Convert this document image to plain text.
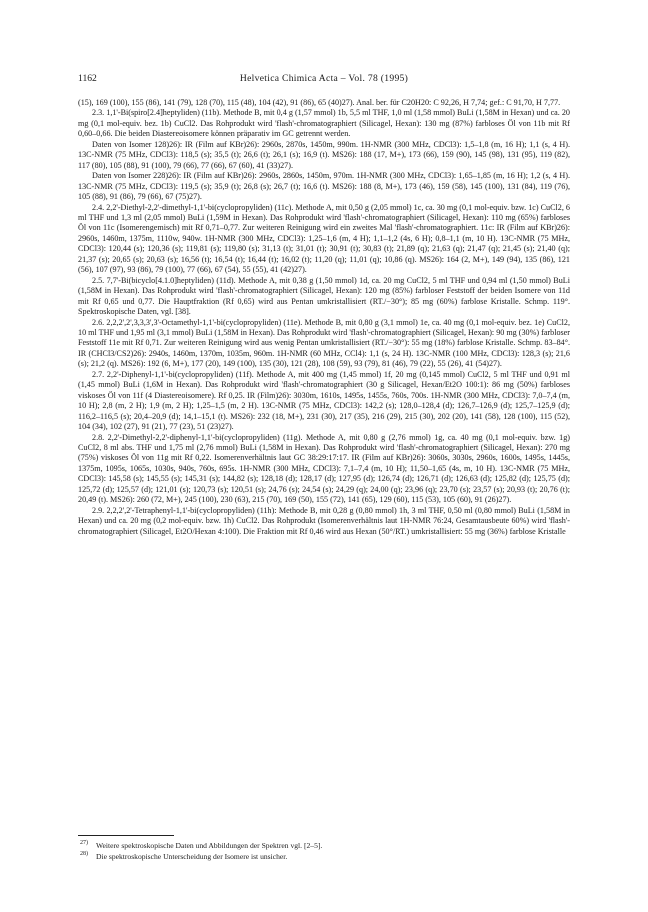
1162	Helvetica Chimica Acta – Vol. 78 (1995)

(15), 169 (100), 155 (86), 141 (79), 128 (70), 115 (48), 104 (42), 91 (86), 65 (40)27). Anal. ber. für C20H20: C 92,26, H 7,74; gef.: C 91,70, H 7,77.

2.3. 1,1'-Bi(spiro[2.4]heptyliden) (11b). Methode B, mit 0,4 g (1,57 mmol) 1b, 5,5 ml THF, 1,0 ml (1,58 mmol) BuLi (1,58M in Hexan) und ca. 20 mg (0,1 mol-equiv. bez. 1b) CuCl2. Das Rohprodukt wird 'flash'-chromatographiert (Silicagel, Hexan): 130 mg (87%) farbloses Öl von 11b mit Rf 0,60–0,66. Die beiden Diastereoisomere können präparativ im GC getrennt werden.

Daten von Isomer 128)26): IR (Film auf KBr)26): 2960s, 2870s, 1450m, 990m. 1H-NMR (300 MHz, CDCl3): 1,5–1,8 (m, 16 H); 1,1 (s, 4 H). 13C-NMR (75 MHz, CDCl3): 118,5 (s); 35,5 (t); 26,6 (t); 26,1 (s); 16,9 (t). MS26): 188 (17, M+), 173 (66), 159 (90), 145 (98), 131 (95), 119 (82), 117 (80), 105 (88), 91 (100), 79 (66), 77 (66), 67 (60), 41 (33)27).

Daten von Isomer 228)26): IR (Film auf KBr)26): 2960s, 2860s, 1450m, 970m. 1H-NMR (300 MHz, CDCl3): 1,65–1,85 (m, 16 H); 1,2 (s, 4 H). 13C-NMR (75 MHz, CDCl3): 119,5 (s); 35,9 (t); 26,8 (s); 26,7 (t); 16,6 (t). MS26): 188 (8, M+), 173 (46), 159 (58), 145 (100), 131 (84), 119 (76), 105 (88), 91 (86), 79 (66), 67 (75)27).

2.4. 2,2'-Diethyl-2,2'-dimethyl-1,1'-bi(cyclopropyliden) (11c). Methode A, mit 0,50 g (2,05 mmol) 1c, ca. 30 mg (0,1 mol-equiv. bzw. 1c) CuCl2, 6 ml THF und 1,3 ml (2,05 mmol) BuLi (1,59M in Hexan). Das Rohprodukt wird 'flash'-chromatographiert (Silicagel, Hexan): 110 mg (65%) farbloses Öl von 11c (Isomerengemisch) mit Rf 0,71–0,77. Zur weiteren Reinigung wird ein zweites Mal 'flash'-chromatographiert. 11c: IR (Film auf KBr)26): 2960s, 1460m, 1375m, 1110w, 940w. 1H-NMR (300 MHz, CDCl3): 1,25–1,6 (m, 4 H); 1,1–1,2 (4s, 6 H); 0,8–1,1 (m, 10 H). 13C-NMR (75 MHz, CDCl3): 120,44 (s); 120,36 (s); 119,81 (s); 119,80 (s); 31,13 (t); 31,01 (t); 30,91 (t); 30,83 (t); 21,89 (q); 21,63 (q); 21,47 (q); 21,45 (s); 21,40 (q); 21,37 (s); 20,65 (s); 20,63 (s); 16,56 (t); 16,54 (t); 16,44 (t); 16,02 (t); 11,20 (q); 11,01 (q); 10,86 (q). MS26): 164 (2, M+), 149 (94), 135 (86), 121 (56), 107 (97), 93 (86), 79 (100), 77 (66), 67 (54), 55 (55), 41 (42)27).

2.5. 7,7'-Bi(bicyclo[4.1.0]heptyliden) (11d). Methode A, mit 0,38 g (1,50 mmol) 1d, ca. 20 mg CuCl2, 5 ml THF und 0,94 ml (1,50 mmol) BuLi (1,58M in Hexan). Das Rohprodukt wird 'flash'-chromatographiert (Silicagel, Hexan): 120 mg (85%) farbloser Feststoff der beiden Isomere von 11d mit Rf 0,65 und 0,77. Die Hauptfraktion (Rf 0,65) wird aus Pentan umkristallisiert (RT./−30°); 85 mg (60%) farblose Kristalle. Schmp. 119°. Spektroskopische Daten, vgl. [38].

2.6. 2,2,2',2',3,3,3',3'-Octamethyl-1,1'-bi(cyclopropyliden) (11e). Methode B, mit 0,80 g (3,1 mmol) 1e, ca. 40 mg (0,1 mol-equiv. bez. 1e) CuCl2, 10 ml THF und 1,95 ml (3,1 mmol) BuLi (1,58M in Hexan). Das Rohprodukt wird 'flash'-chromatographiert (Silicagel, Hexan): 90 mg (30%) farbloser Feststoff 11e mit Rf 0,71. Zur weiteren Reinigung wird aus wenig Pentan umkristallisiert (RT./−30°): 55 mg (18%) farblose Kristalle. Schmp. 83–84°. IR (CHCl3/CS2)26): 2940s, 1460m, 1370m, 1035m, 960m. 1H-NMR (60 MHz, CCl4): 1,1 (s, 24 H). 13C-NMR (100 MHz, CDCl3): 128,3 (s); 21,6 (s); 21,2 (q). MS26): 192 (6, M+), 177 (20), 149 (100), 135 (30), 121 (28), 108 (59), 93 (79), 81 (46), 79 (22), 55 (26), 41 (54)27).

2.7. 2,2'-Diphenyl-1,1'-bi(cyclopropyliden) (11f). Methode A, mit 400 mg (1,45 mmol) 1f, 20 mg (0,145 mmol) CuCl2, 5 ml THF und 0,91 ml (1,45 mmol) BuLi (1,6M in Hexan). Das Rohprodukt wird 'flash'-chromatographiert (30 g Silicagel, Hexan/Et2O 100:1): 86 mg (50%) farbloses viskoses Öl von 11f (4 Diastereoisomere). Rf 0,25. IR (Film)26): 3030m, 1610s, 1495s, 1455s, 760s, 700s. 1H-NMR (300 MHz, CDCl3): 7,0–7,4 (m, 10 H); 2,8 (m, 2 H); 1,9 (m, 2 H); 1,25–1,5 (m, 2 H). 13C-NMR (75 MHz, CDCl3): 142,2 (s); 128,0–128,4 (d); 126,7–126,9 (d); 125,7–125,9 (d); 116,2–116,5 (s); 20,4–20,9 (d); 14,1–15,1 (t). MS26): 232 (18, M+), 231 (30), 217 (35), 216 (29), 215 (30), 202 (20), 141 (58), 128 (100), 115 (52), 104 (34), 102 (27), 91 (21), 77 (23), 51 (23)27).

2.8. 2,2'-Dimethyl-2,2'-diphenyl-1,1'-bi(cyclopropyliden) (11g). Methode A, mit 0,80 g (2,76 mmol) 1g, ca. 40 mg (0,1 mol-equiv. bzw. 1g) CuCl2, 8 ml abs. THF und 1,75 ml (2,76 mmol) BuLi (1,58M in Hexan). Das Rohprodukt wird 'flash'-chromatographiert (Silicagel, Hexan): 270 mg (75%) viskoses Öl von 11g mit Rf 0,22. Isomerenverhältnis laut GC 38:29:17:17. IR (Film auf KBr)26): 3060s, 3030s, 2960s, 1600s, 1495s, 1445s, 1375m, 1095s, 1065s, 1030s, 940s, 760s, 695s. 1H-NMR (300 MHz, CDCl3): 7,1–7,4 (m, 10 H); 11,50–1,65 (4s, m, 10 H). 13C-NMR (75 MHz, CDCl3): 145,58 (s); 145,55 (s); 145,31 (s); 144,82 (s); 128,18 (d); 128,17 (d); 127,95 (d); 126,74 (d); 126,71 (d); 126,63 (d); 125,82 (d); 125,75 (d); 125,72 (d); 125,57 (d); 121,01 (s); 120,73 (s); 120,51 (s); 24,76 (s); 24,54 (s); 24,29 (q); 24,00 (q); 23,96 (q); 23,70 (s); 23,57 (s); 20,93 (t); 20,76 (t); 20,49 (t). MS26): 260 (72, M+), 245 (100), 230 (63), 215 (70), 169 (50), 155 (72), 141 (65), 129 (60), 115 (53), 105 (60), 91 (26)27).

2.9. 2,2,2',2'-Tetraphenyl-1,1'-bi(cyclopropyliden) (11h): Methode B, mit 0,28 g (0,80 mmol) 1h, 3 ml THF, 0,50 ml (0,80 mmol) BuLi (1,58M in Hexan) und ca. 20 mg (0,2 mol-equiv. bzw. 1h) CuCl2. Das Rohprodukt (Isomerenverhältnis laut 1H-NMR 76:24, Gesamtausbeute 60%) wird 'flash'-chromatographiert (Silicagel, Et2O/Hexan 4:100). Die Fraktion mit Rf 0,46 wird aus Hexan (50°/RT.) umkristallisiert: 55 mg (36%) farblose Kristalle

27) Weitere spektroskopische Daten und Abbildungen der Spektren vgl. [2–5].

28) Die spektroskopische Unterscheidung der Isomere ist unsicher.
